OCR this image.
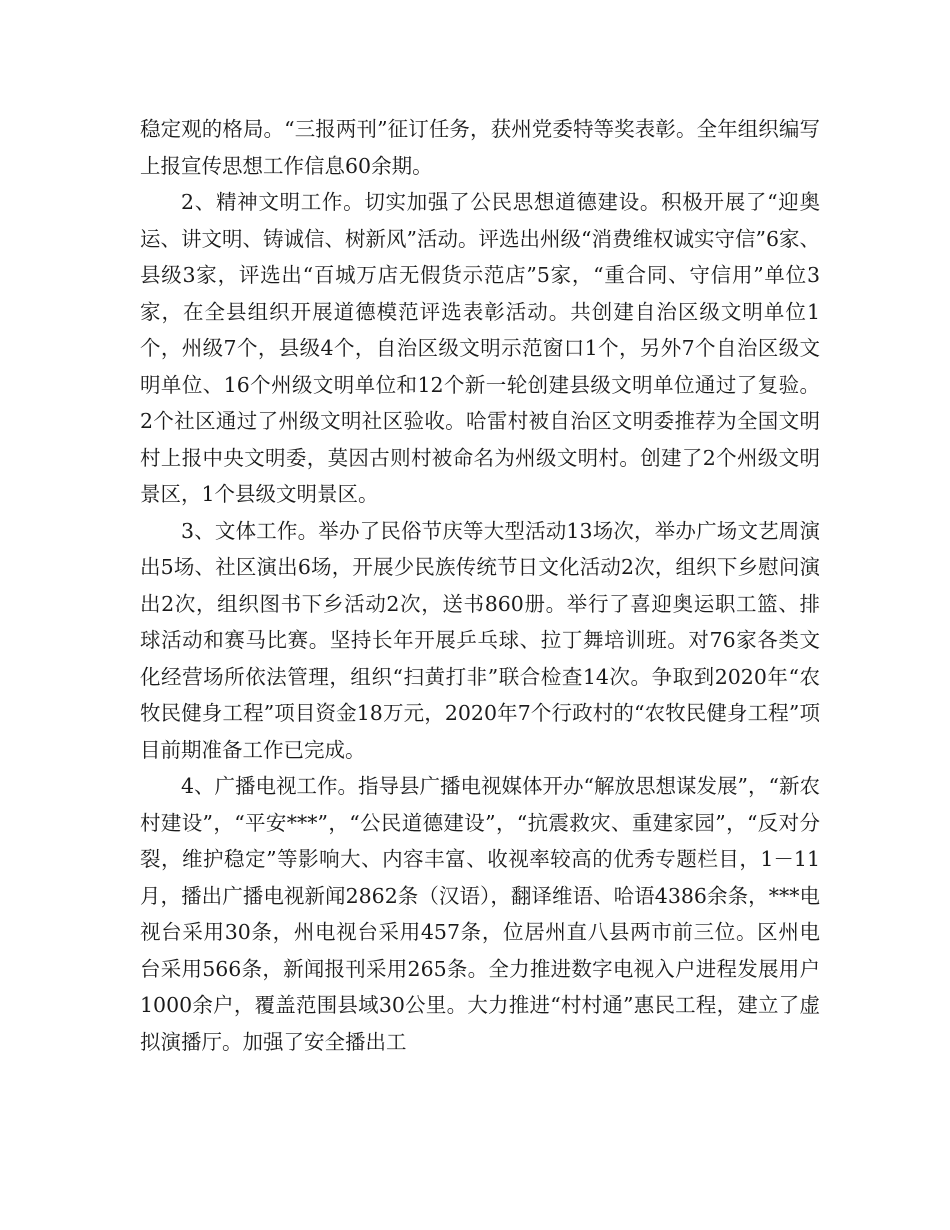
稳定观的格局。“三报两刊”征订任务，获州党委特等奖表彰。全年组织编写上报宣传思想工作信息60余期。

2、精神文明工作。切实加强了公民思想道德建设。积极开展了“迎奥运、讲文明、铸诚信、树新风”活动。评选出州级“消费维权诚实守信”6家、县级3家，评选出“百城万店无假货示范店”5家，“重合同、守信用”单位3家，在全县组织开展道德模范评选表彰活动。共创建自治区级文明单位1个，州级7个，县级4个，自治区级文明示范窗口1个，另外7个自治区级文明单位、16个州级文明单位和12个新一轮创建县级文明单位通过了复验。2个社区通过了州级文明社区验收。哈雷村被自治区文明委推荐为全国文明村上报中央文明委，莫因古则村被命名为州级文明村。创建了2个州级文明景区，1个县级文明景区。

3、文体工作。举办了民俗节庆等大型活动13场次，举办广场文艺周演出5场、社区演出6场，开展少民族传统节日文化活动2次，组织下乡慰问演出2次，组织图书下乡活动2次，送书860册。举行了喜迎奥运职工篮、排球活动和赛马比赛。坚持长年开展乒乓球、拉丁舞培训班。对76家各类文化经营场所依法管理，组织“扫黄打非”联合检查14次。争取到2020年“农牧民健身工程”项目资金18万元，2020年7个行政村的“农牧民健身工程”项目前期准备工作已完成。

4、广播电视工作。指导县广播电视媒体开办“解放思想谋发展”，“新农村建设”，“平安***”，“公民道德建设”，“抗震救灾、重建家园”，“反对分裂，维护稳定”等影响大、内容丰富、收视率较高的优秀专题栏目，1－11月，播出广播电视新闻2862条（汉语），翻译维语、哈语4386余条，***电视台采用30条，州电视台采用457条，位居州直八县两市前三位。区州电台采用566条，新闻报刊采用265条。全力推进数字电视入户进程发展用户1000余户，覆盖范围县域30公里。大力推进“村村通”惠民工程，建立了虚拟演播厅。加强了安全播出工
